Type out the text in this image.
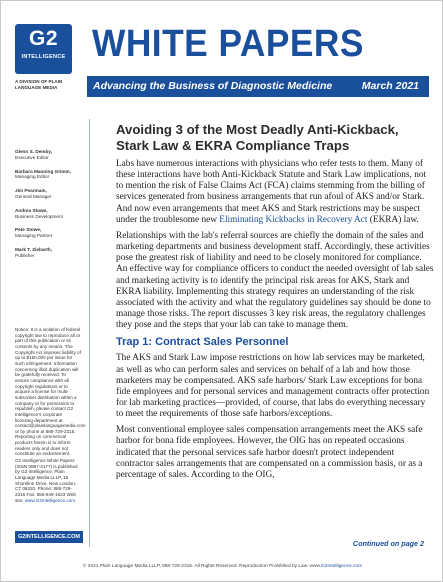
G2
INTELLIGENCE
A DIVISION OF PLAIN LANGUAGE MEDIA
WHITE PAPERS
Advancing the Business of Diagnostic Medicine	March 2021
Glenn S. Demby,
Executive Editor
Barbara Manning Grimm,
Managing Editor
Jim Pearmain,
General Manager
Andrea Stowe,
Business Development
Pete Stowe,
Managing Partner
Mark T. Ziebarth,
Publisher
Notice: It is a violation of federal copyright law to reproduce all or part of this publication or its contents by any means. The Copyright Act imposes liability of up to $150,000 per issue for such infringement. Information concerning illicit duplication will be gratefully received. To ensure compliance with all copyright regulations or to acquire a license for multi-subscriber distribution within a company or for permission to republish, please contact G2 Intelligence's corporate licensing department at contact@plainlanguagemedia.com or by phone at 888-729-2315. Reporting on commercial products herein is to inform readers only and does not constitute an endorsement.
G2 Intelligence White Papers (ISSN 0887-4177) is published by G2 Intelligence, Plain Language Media LLLP, 15 Shoreline Drive, New London, CT 06320. Phone: 888-729-2315 Fax: 855-649-1623 Web site: www.G2Intelligence.com.
G2INTELLIGENCE.COM
Avoiding 3 of the Most Deadly Anti-Kickback, Stark Law & EKRA Compliance Traps

Labs have numerous interactions with physicians who refer tests to them. Many of these interactions have both Anti-Kickback Statute and Stark Law implications, not to mention the risk of False Claims Act (FCA) claims stemming from the billing of services generated from business arrangements that run afoul of AKS and/or Stark. And now even arrangements that meet AKS and Stark restrictions may be suspect under the troublesome new Eliminating Kickbacks in Recovery Act (EKRA) law.

Relationships with the lab's referral sources are chiefly the domain of the sales and marketing departments and business development staff. Accordingly, these activities pose the greatest risk of liability and need to be closely monitored for compliance. An effective way for compliance officers to conduct the needed oversight of lab sales and marketing activity is to identify the principal risk areas for AKS, Stark and EKRA liability. Implementing this strategy requires an understanding of the risk associated with the activity and what the regulatory guidelines say should be done to manage those risks. The report discusses 3 key risk areas, the regulatory challenges they pose and the steps that your lab can take to manage them.

Trap 1: Contract Sales Personnel

The AKS and Stark Law impose restrictions on how lab services may be marketed, as well as who can perform sales and services on behalf of a lab and how those marketers may be compensated. AKS safe harbors/ Stark Law exceptions for bona fide employees and for personal services and management contracts offer protection for lab marketing practices—provided, of course, that labs do everything necessary to meet the requirements of those safe harbors/exceptions.

Most conventional employee sales compensation arrangements meet the AKS safe harbor for bona fide employees. However, the OIG has on repeated occasions indicated that the personal services safe harbor doesn't protect independent contractor sales arrangements that are compensated on a commission basis, or as a percentage of sales. According to the OIG,

Continued on page 2
© 2021 Plain Language Media LLLP, 888-729-2315. All Rights Reserved. Reproduction Prohibited by Law. www.G2Intelligence.com
